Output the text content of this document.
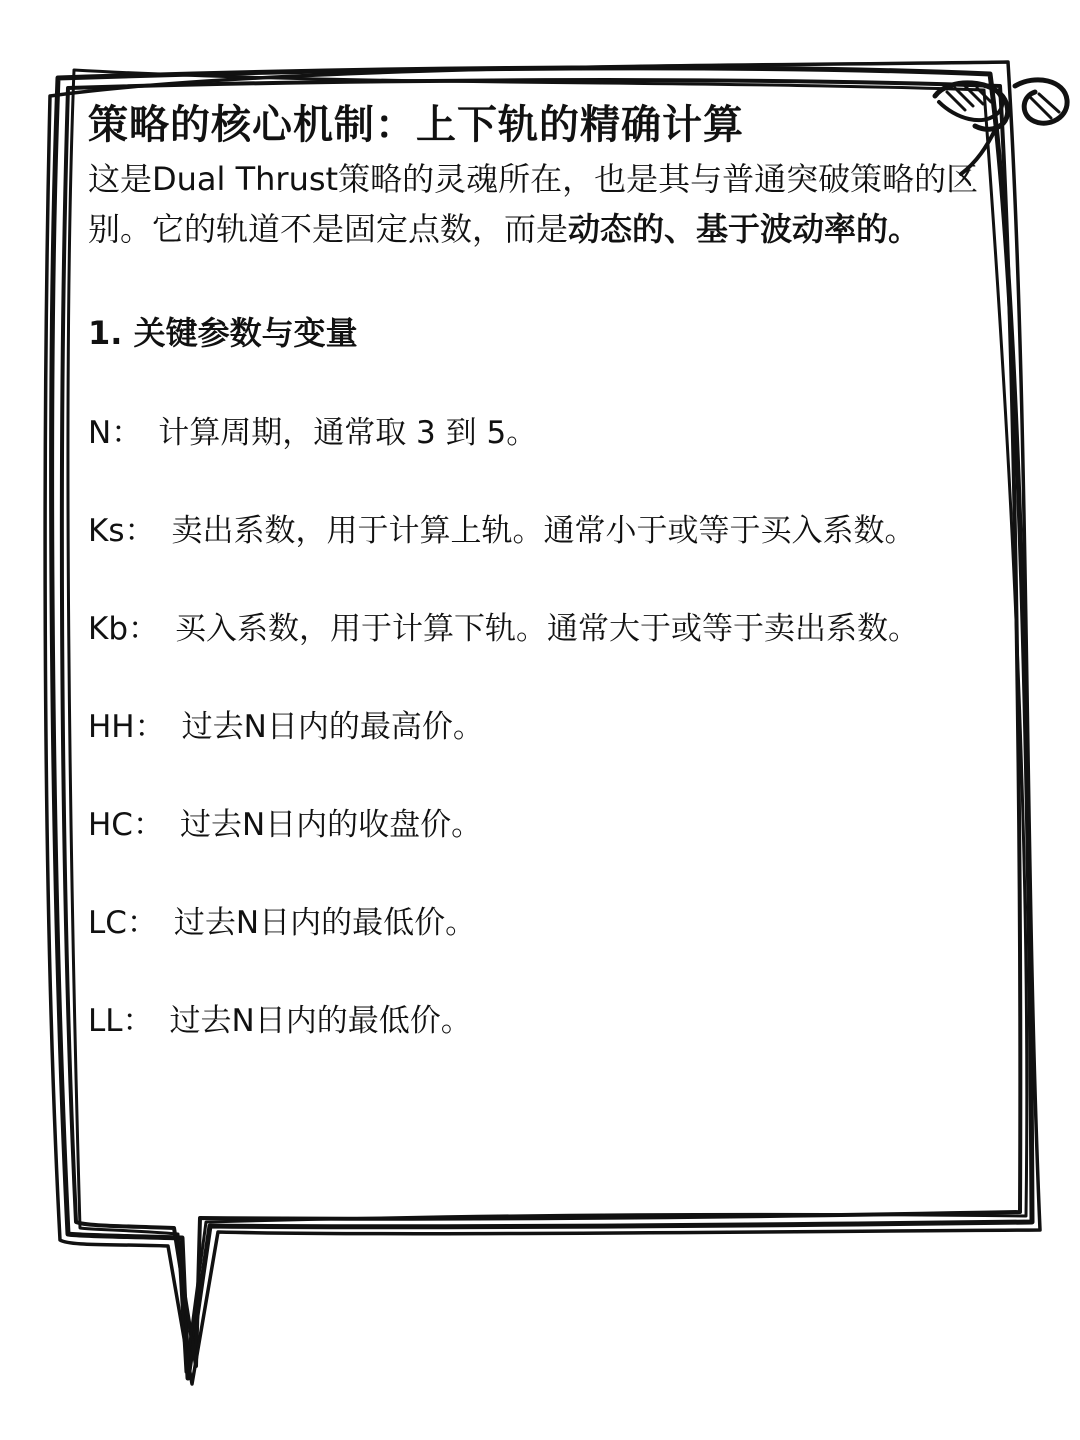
策略的核心机制：上下轨的精确计算

这是Dual Thrust策略的灵魂所在，也是其与普通突破策略的区别。它的轨道不是固定点数，而是动态的、基于波动率的。

1. 关键参数与变量

N： 计算周期，通常取 3 到 5。

Ks： 卖出系数，用于计算上轨。通常小于或等于买入系数。

Kb： 买入系数，用于计算下轨。通常大于或等于卖出系数。

HH： 过去N日内的最高价。

HC： 过去N日内的收盘价。

LC： 过去N日内的最低价。

LL： 过去N日内的最低价。
